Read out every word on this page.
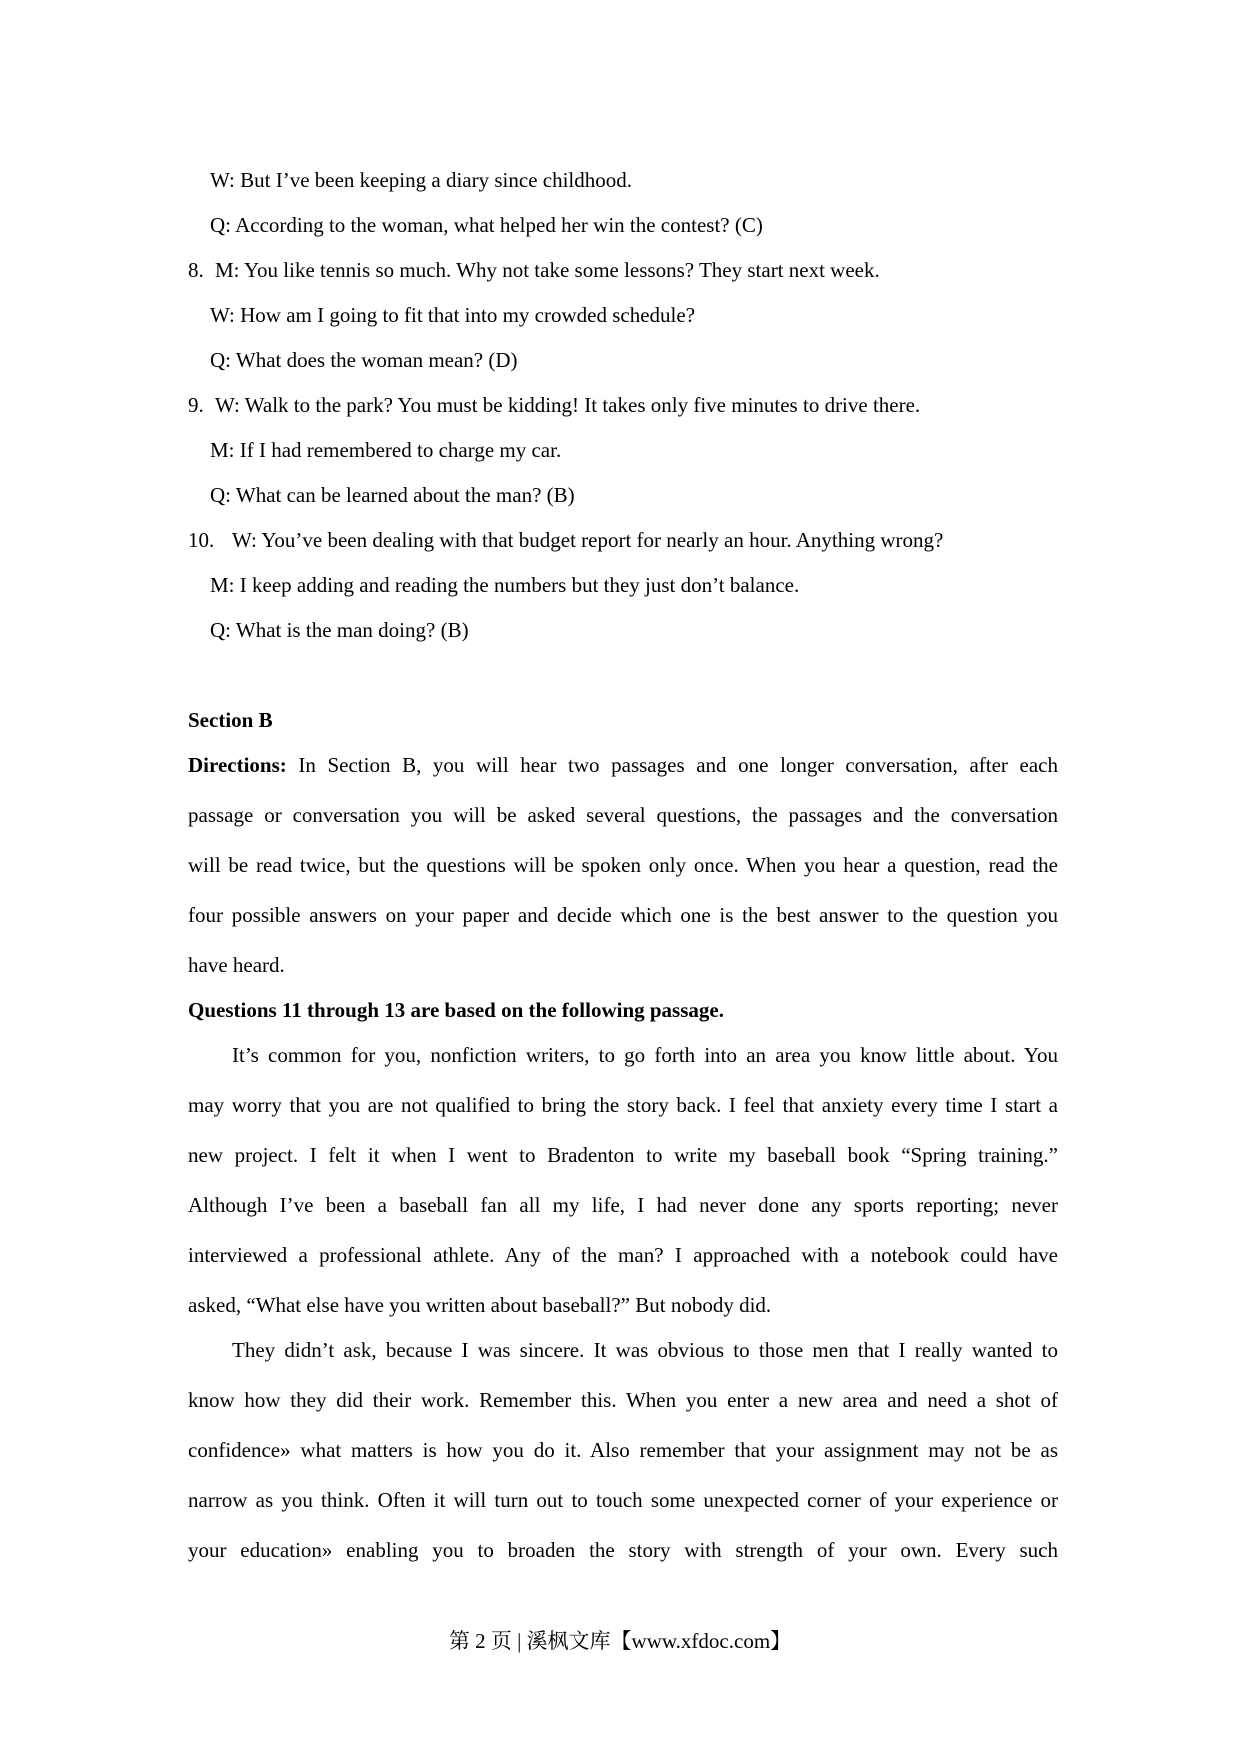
W: But I’ve been keeping a diary since childhood.
Q: According to the woman, what helped her win the contest? (C)
8. M: You like tennis so much. Why not take some lessons? They start next week.
W: How am I going to fit that into my crowded schedule?
Q: What does the woman mean? (D)
9. W: Walk to the park? You must be kidding! It takes only five minutes to drive there.
M: If I had remembered to charge my car.
Q: What can be learned about the man? (B)
10. W: You’ve been dealing with that budget report for nearly an hour. Anything wrong?
M: I keep adding and reading the numbers but they just don’t balance.
Q: What is the man doing? (B)
Section B
Directions: In Section B, you will hear two passages and one longer conversation, after each
passage or conversation you will be asked several questions, the passages and the conversation
will be read twice, but the questions will be spoken only once. When you hear a question, read the
four possible answers on your paper and decide which one is the best answer to the question you
have heard.
Questions 11 through 13 are based on the following passage.
It’s common for you, nonfiction writers, to go forth into an area you know little about. You
may worry that you are not qualified to bring the story back. I feel that anxiety every time I start a
new project. I felt it when I went to Bradenton to write my baseball book “Spring training.”
Although I’ve been a baseball fan all my life, I had never done any sports reporting; never
interviewed a professional athlete. Any of the man? I approached with a notebook could have
asked, “What else have you written about baseball?” But nobody did.
They didn’t ask, because I was sincere. It was obvious to those men that I really wanted to
know how they did their work. Remember this. When you enter a new area and need a shot of
confidence» what matters is how you do it. Also remember that your assignment may not be as
narrow as you think. Often it will turn out to touch some unexpected corner of your experience or
your education» enabling you to broaden the story with strength of your own. Every such
第 2 页 | 溪枫文库【www.xfdoc.com】
